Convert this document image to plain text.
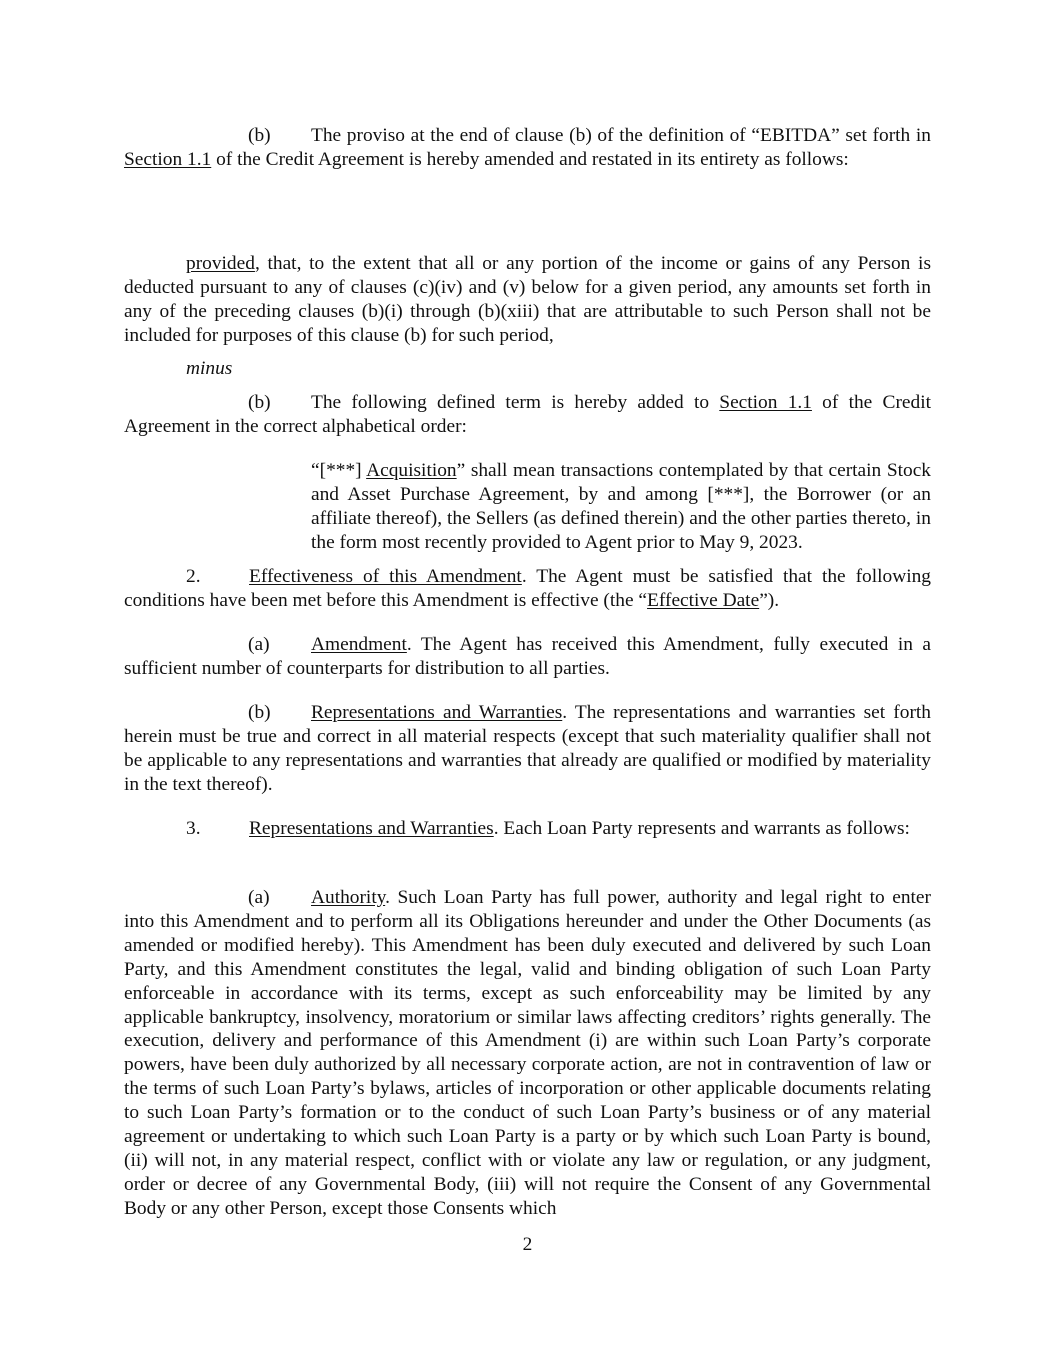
(b) The proviso at the end of clause (b) of the definition of “EBITDA” set forth in Section 1.1 of the Credit Agreement is hereby amended and restated in its entirety as follows:

provided, that, to the extent that all or any portion of the income or gains of any Person is deducted pursuant to any of clauses (c)(iv) and (v) below for a given period, any amounts set forth in any of the preceding clauses (b)(i) through (b)(xiii) that are attributable to such Person shall not be included for purposes of this clause (b) for such period,

minus

(b) The following defined term is hereby added to Section 1.1 of the Credit Agreement in the correct alphabetical order:

“[***] Acquisition” shall mean transactions contemplated by that certain Stock and Asset Purchase Agreement, by and among [***], the Borrower (or an affiliate thereof), the Sellers (as defined therein) and the other parties thereto, in the form most recently provided to Agent prior to May 9, 2023.

2. Effectiveness of this Amendment. The Agent must be satisfied that the following conditions have been met before this Amendment is effective (the “Effective Date”).

(a) Amendment. The Agent has received this Amendment, fully executed in a sufficient number of counterparts for distribution to all parties.

(b) Representations and Warranties. The representations and warranties set forth herein must be true and correct in all material respects (except that such materiality qualifier shall not be applicable to any representations and warranties that already are qualified or modified by materiality in the text thereof).

3. Representations and Warranties. Each Loan Party represents and warrants as follows:

(a) Authority. Such Loan Party has full power, authority and legal right to enter into this Amendment and to perform all its Obligations hereunder and under the Other Documents (as amended or modified hereby). This Amendment has been duly executed and delivered by such Loan Party, and this Amendment constitutes the legal, valid and binding obligation of such Loan Party enforceable in accordance with its terms, except as such enforceability may be limited by any applicable bankruptcy, insolvency, moratorium or similar laws affecting creditors’ rights generally. The execution, delivery and performance of this Amendment (i) are within such Loan Party’s corporate powers, have been duly authorized by all necessary corporate action, are not in contravention of law or the terms of such Loan Party’s bylaws, articles of incorporation or other applicable documents relating to such Loan Party’s formation or to the conduct of such Loan Party’s business or of any material agreement or undertaking to which such Loan Party is a party or by which such Loan Party is bound, (ii) will not, in any material respect, conflict with or violate any law or regulation, or any judgment, order or decree of any Governmental Body, (iii) will not require the Consent of any Governmental Body or any other Person, except those Consents which

2
